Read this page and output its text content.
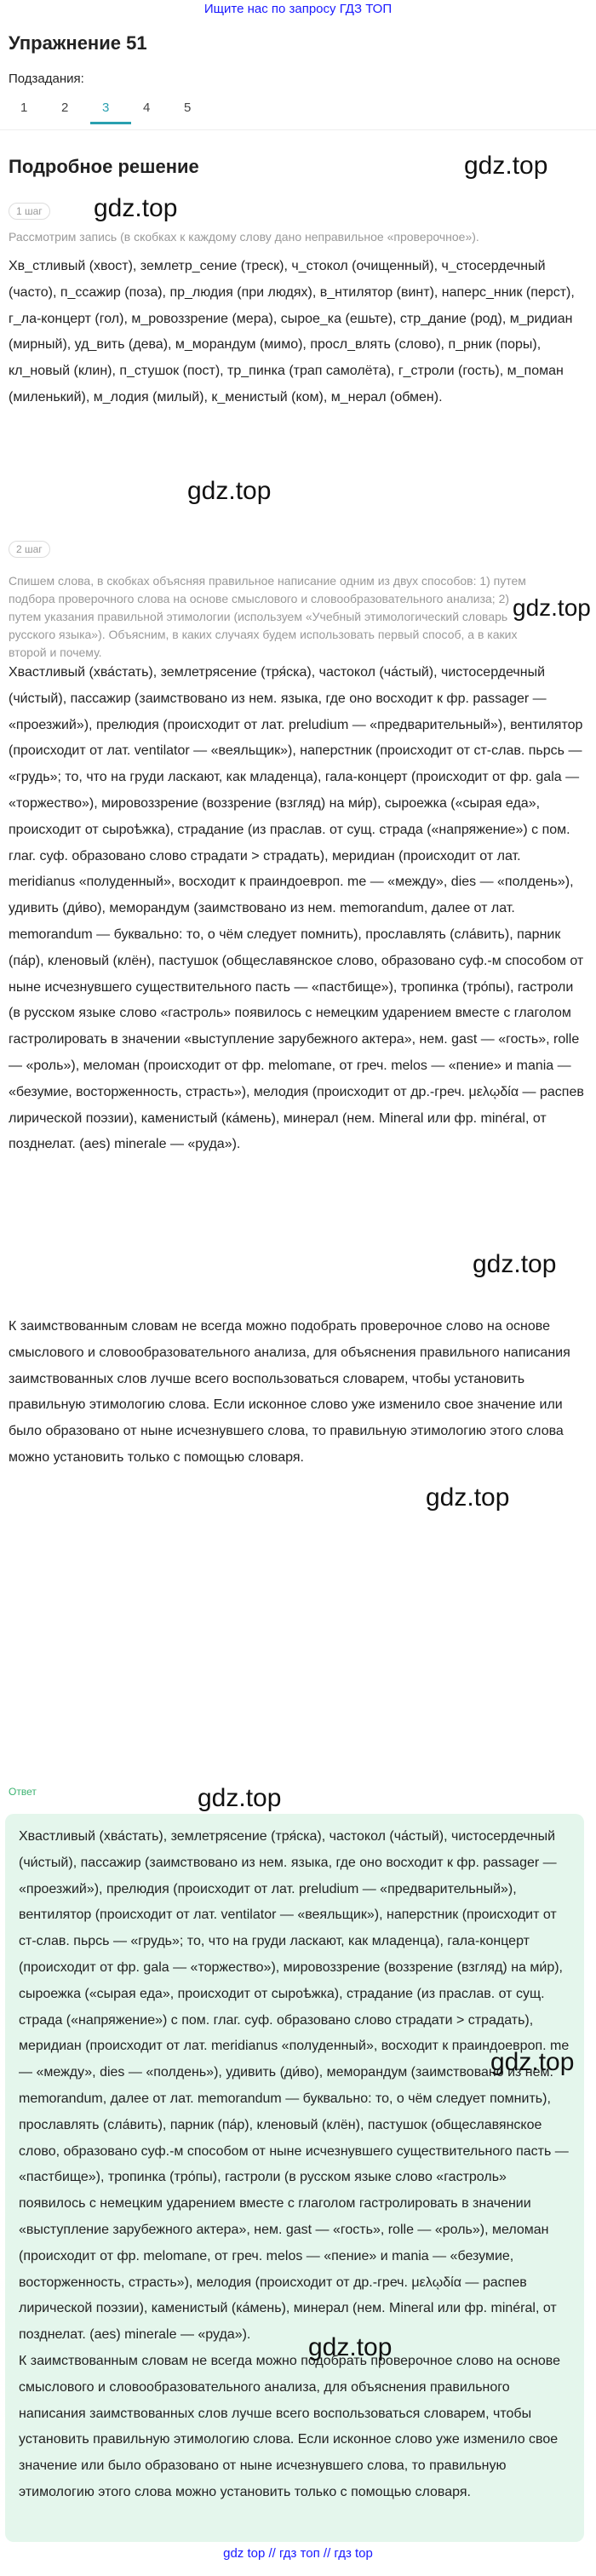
Ищите нас по запросу ГДЗ ТОП
Упражнение 51
Подзадания:
1	2	3	4	5
Подробное решение	gdz.top
1 шаг	gdz.top
Рассмотрим запись (в скобках к каждому слову дано неправильное «проверочное»).
Хв_стливый (хвост), землетр_сение (треск), ч_стокол (очищенный), ч_стосердечный (часто), п_ссажир (поза), пр_людия (при людях), в_нтилятор (винт), наперс_нник (перст), г_ла-концерт (гол), м_ровоззрение (мера), сырое_ка (ешьте), стр_дание (род), м_ридиан (мирный), уд_вить (дева), м_морандум (мимо), просл_влять (слово), п_рник (поры), кл_новый (клин), п_стушок (пост), тр_пинка (трап самолёта), г_строли (гость), м_поман (миленький), м_лодия (милый), к_менистый (ком), м_нерал (обмен).
gdz.top
2 шаг
Спишем слова, в скобках объясняя правильное написание одним из двух способов: 1) путем подбора проверочного слова на основе смыслового и словообразовательного анализа; 2) путем указания правильной этимологии (используем «Учебный этимологический словарь русского языка»). Объясним, в каких случаях будем использовать первый способ, а в каких второй и почему.
gdz.top
Хвастливый (хва́стать), землетрясение (тря́ска), частокол (ча́стый), чистосердечный (чи́стый), пассажир (заимствовано из нем. языка, где оно восходит к фр. passager — «проезжий»), прелюдия (происходит от лат. preludium — «предварительный»), вентилятор (происходит от лат. ventilator — «веяльщик»), наперстник (происходит от ст-слав. пьрсь — «грудь»; то, что на груди ласкают, как младенца), гала-концерт (происходит от фр. gala — «торжество»), мировоззрение (воззрение (взгляд) на ми́р), сыроежка («сырая еда», происходит от сыроѣжка), страдание (из праслав. от сущ. страда («напряжение») с пом. глаг. суф. образовано слово страдати > страдать), меридиан (происходит от лат. meridianus «полуденный», восходит к праиндоевроп. me — «между», dies — «полдень»), удивить (ди́во), меморандум (заимствовано из нем. memorandum, далее от лат. memorandum — буквально: то, о чём следует помнить), прославлять (сла́вить), парник (па́р), кленовый (клён), пастушок (общеславянское слово, образовано суф.-м способом от ныне исчезнувшего существительного пасть — «пастбище»), тропинка (тро́пы), гастроли (в русском языке слово «гастроль» появилось с немецким ударением вместе с глаголом гастролировать в значении «выступление зарубежного актера», нем. gast — «гость», rolle — «роль»), меломан (происходит от фр. melomane, от греч. melos — «пение» и mania — «безумие, восторженность, страсть»), мелодия (происходит от др.-греч. μελῳδία — распев лирической поэзии), каменистый (ка́мень), минерал (нем. Mineral или фр. minéral, от позднелат. (aes) minerale — «руда»).
gdz.top
К заимствованным словам не всегда можно подобрать проверочное слово на основе смыслового и словообразовательного анализа, для объяснения правильного написания заимствованных слов лучше всего воспользоваться словарем, чтобы установить правильную этимологию слова. Если исконное слово уже изменило свое значение или было образовано от ныне исчезнувшего слова, то правильную этимологию этого слова можно установить только с помощью словаря.
gdz.top
Ответ	gdz.top
Хвастливый (хва́стать), землетрясение (тря́ска), частокол (ча́стый), чистосердечный (чи́стый), пассажир (заимствовано из нем. языка, где оно восходит к фр. passager — «проезжий»), прелюдия (происходит от лат. preludium — «предварительный»), вентилятор (происходит от лат. ventilator — «веяльщик»), наперстник (происходит от ст-слав. пьрсь — «грудь»; то, что на груди ласкают, как младенца), гала-концерт (происходит от фр. gala — «торжество»), мировоззрение (воззрение (взгляд) на ми́р), сыроежка («сырая еда», происходит от сыроѣжка), страдание (из праслав. от сущ. страда («напряжение») с пом. глаг. суф. образовано слово страдати > страдать), меридиан (происходит от лат. meridianus «полуденный», восходит к праиндоевроп. me — «между», dies — «полдень»), удивить (ди́во), меморандум (заимствовано из нем. memorandum, далее от лат. memorandum — буквально: то, о чём следует помнить), прославлять (сла́вить), парник (па́р), кленовый (клён), пастушок (общеславянское слово, образовано суф.-м способом от ныне исчезнувшего существительного пасть — «пастбище»), тропинка (тро́пы), гастроли (в русском языке слово «гастроль» появилось с немецким ударением вместе с глаголом гастролировать в значении «выступление зарубежного актера», нем. gast — «гость», rolle — «роль»), меломан (происходит от фр. melomane, от греч. melos — «пение» и mania — «безумие, восторженность, страсть»), мелодия (происходит от др.-греч. μελῳδία — распев лирической поэзии), каменистый (ка́мень), минерал (нем. Mineral или фр. minéral, от позднелат. (aes) minerale — «руда»).
К заимствованным словам не всегда можно подобрать проверочное слово на основе смыслового и словообразовательного анализа, для объяснения правильного написания заимствованных слов лучше всего воспользоваться словарем, чтобы установить правильную этимологию слова. Если исконное слово уже изменило свое значение или было образовано от ныне исчезнувшего слова, то правильную этимологию этого слова можно установить только с помощью словаря.
gdz.top
gdz.top
gdz top // гдз топ // гдз top
